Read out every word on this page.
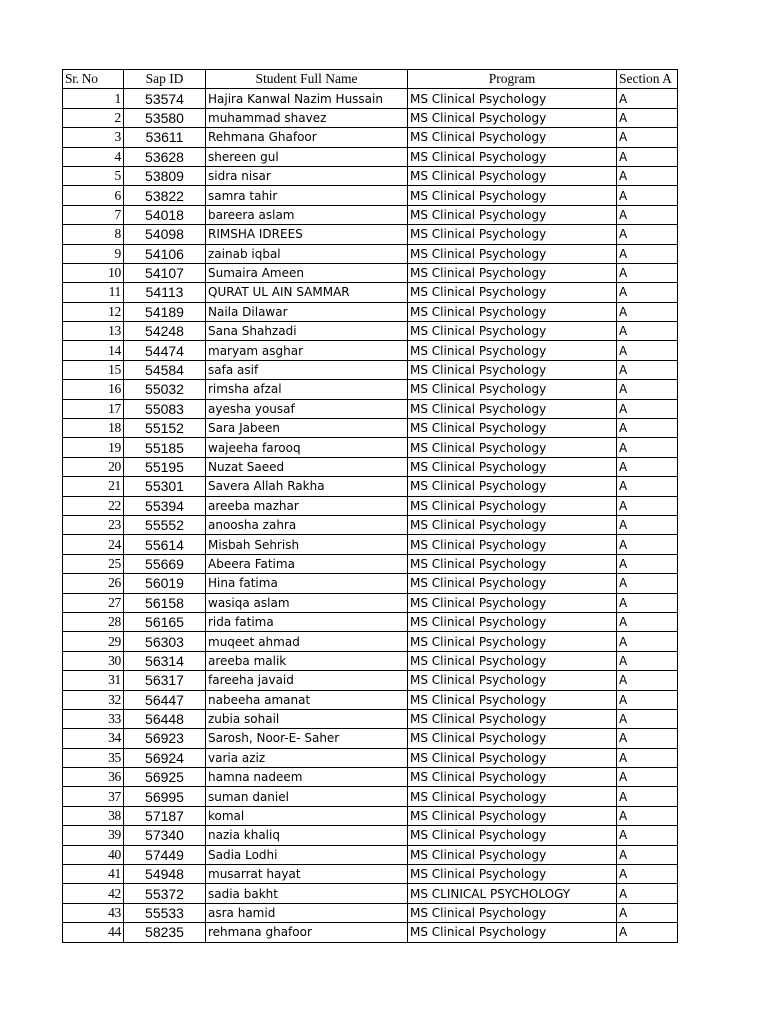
Sr. No	Sap ID	Student Full Name	Program	Section A
1	53574	Hajira Kanwal Nazim Hussain	MS Clinical Psychology	A
2	53580	muhammad shavez	MS Clinical Psychology	A
3	53611	Rehmana Ghafoor	MS Clinical Psychology	A
4	53628	shereen gul	MS Clinical Psychology	A
5	53809	sidra nisar	MS Clinical Psychology	A
6	53822	samra tahir	MS Clinical Psychology	A
7	54018	bareera aslam	MS Clinical Psychology	A
8	54098	RIMSHA IDREES	MS Clinical Psychology	A
9	54106	zainab iqbal	MS Clinical Psychology	A
10	54107	Sumaira Ameen	MS Clinical Psychology	A
11	54113	QURAT UL AIN SAMMAR	MS Clinical Psychology	A
12	54189	Naila Dilawar	MS Clinical Psychology	A
13	54248	Sana Shahzadi	MS Clinical Psychology	A
14	54474	maryam asghar	MS Clinical Psychology	A
15	54584	safa asif	MS Clinical Psychology	A
16	55032	rimsha afzal	MS Clinical Psychology	A
17	55083	ayesha yousaf	MS Clinical Psychology	A
18	55152	Sara Jabeen	MS Clinical Psychology	A
19	55185	wajeeha farooq	MS Clinical Psychology	A
20	55195	Nuzat Saeed	MS Clinical Psychology	A
21	55301	Savera Allah Rakha	MS Clinical Psychology	A
22	55394	areeba mazhar	MS Clinical Psychology	A
23	55552	anoosha zahra	MS Clinical Psychology	A
24	55614	Misbah Sehrish	MS Clinical Psychology	A
25	55669	Abeera Fatima	MS Clinical Psychology	A
26	56019	Hina fatima	MS Clinical Psychology	A
27	56158	wasiqa aslam	MS Clinical Psychology	A
28	56165	rida fatima	MS Clinical Psychology	A
29	56303	muqeet ahmad	MS Clinical Psychology	A
30	56314	areeba malik	MS Clinical Psychology	A
31	56317	fareeha javaid	MS Clinical Psychology	A
32	56447	nabeeha amanat	MS Clinical Psychology	A
33	56448	zubia sohail	MS Clinical Psychology	A
34	56923	Sarosh, Noor-E- Saher	MS Clinical Psychology	A
35	56924	varia aziz	MS Clinical Psychology	A
36	56925	hamna nadeem	MS Clinical Psychology	A
37	56995	suman daniel	MS Clinical Psychology	A
38	57187	komal	MS Clinical Psychology	A
39	57340	nazia khaliq	MS Clinical Psychology	A
40	57449	Sadia Lodhi	MS Clinical Psychology	A
41	54948	musarrat hayat	MS Clinical Psychology	A
42	55372	sadia bakht	MS CLINICAL PSYCHOLOGY	A
43	55533	asra hamid	MS Clinical Psychology	A
44	58235	rehmana ghafoor	MS Clinical Psychology	A
